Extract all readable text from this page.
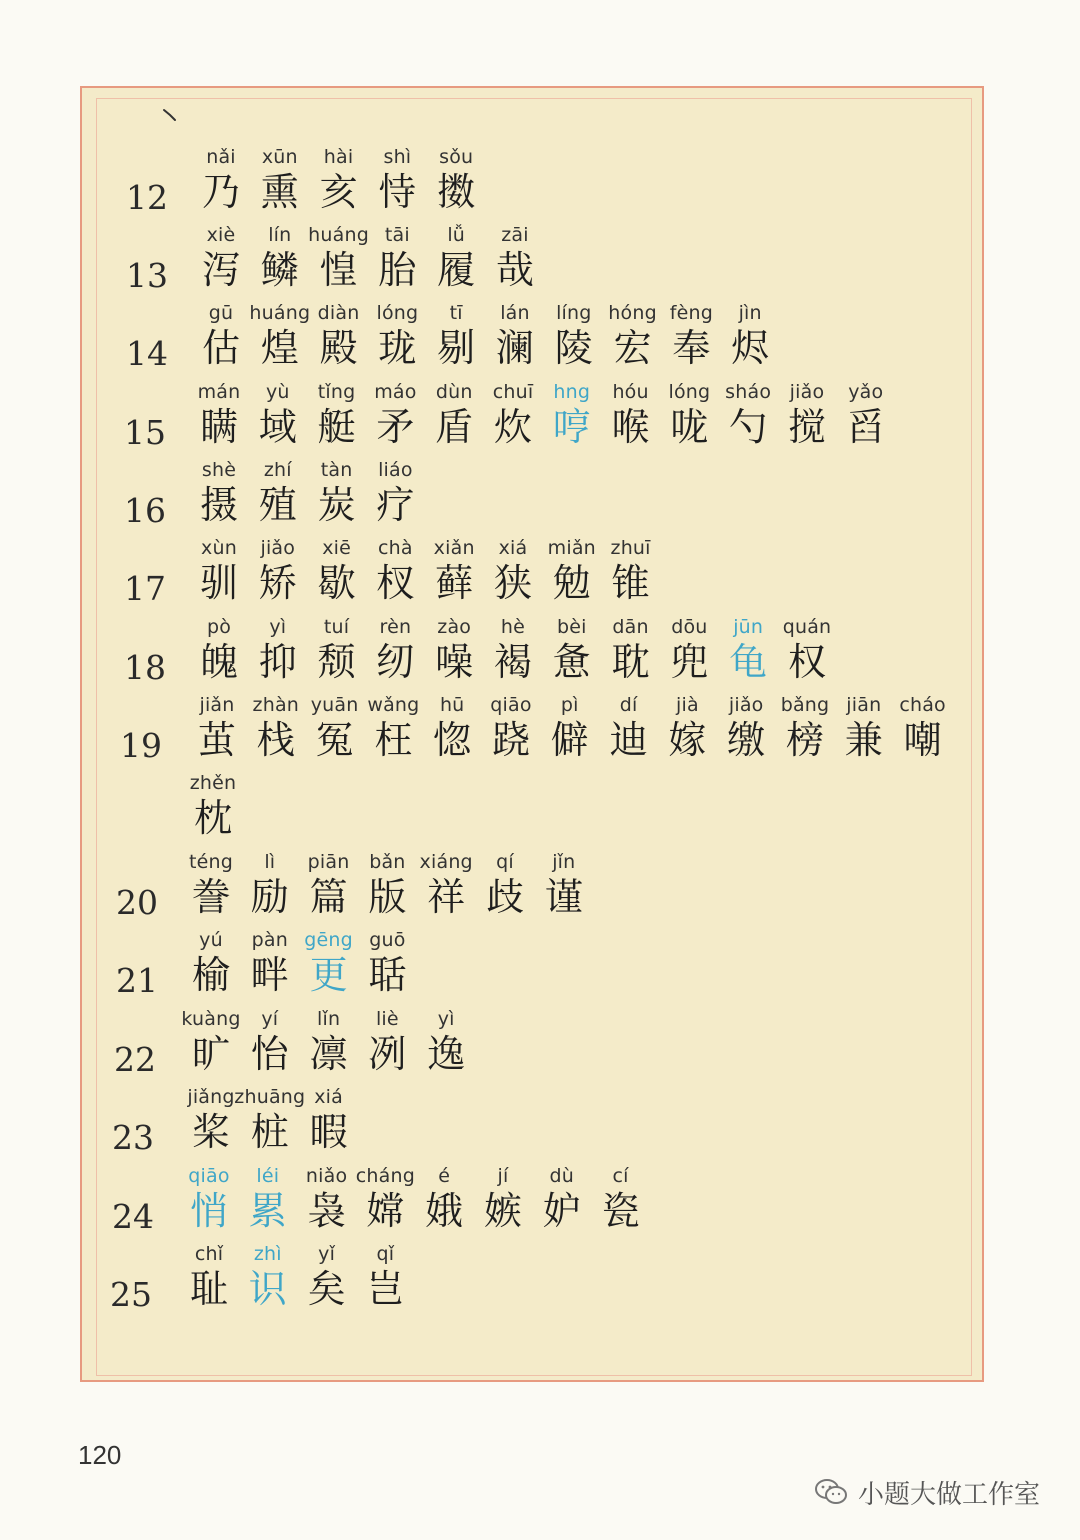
12
nǎi
乃
xūn
熏
hài
亥
shì
恃
sǒu
擞
13
xiè
泻
lín
鳞
huáng
惶
tāi
胎
lǚ
履
zāi
哉
14
gū
估
huáng
煌
diàn
殿
lóng
珑
tī
剔
lán
澜
líng
陵
hóng
宏
fèng
奉
jìn
烬
15
mán
瞒
yù
域
tǐng
艇
máo
矛
dùn
盾
chuī
炊
hng
哼
hóu
喉
lóng
咙
sháo
勺
jiǎo
搅
yǎo
舀
16
shè
摄
zhí
殖
tàn
炭
liáo
疗
17
xùn
驯
jiǎo
矫
xiē
歇
chà
杈
xiǎn
藓
xiá
狭
miǎn
勉
zhuī
锥
18
pò
魄
yì
抑
tuí
颓
rèn
纫
zào
噪
hè
褐
bèi
惫
dān
耽
dōu
兜
jūn
龟
quán
权
19
jiǎn
茧
zhàn
栈
yuān
冤
wǎng
枉
hū
惚
qiāo
跷
pì
僻
dí
迪
jià
嫁
jiǎo
缴
bǎng
榜
jiān
兼
cháo
嘲
zhěn
枕
20
téng
誊
lì
励
piān
篇
bǎn
版
xiáng
祥
qí
歧
jǐn
谨
21
yú
榆
pàn
畔
gēng
更
guō
聒
22
kuàng
旷
yí
怡
lǐn
凛
liè
冽
yì
逸
23
jiǎng
桨
zhuāng
桩
xiá
暇
24
qiāo
悄
léi
累
niǎo
袅
cháng
嫦
é
娥
jí
嫉
dù
妒
cí
瓷
25
chǐ
耻
zhì
识
yǐ
矣
qǐ
岂
120
小题大做工作室
